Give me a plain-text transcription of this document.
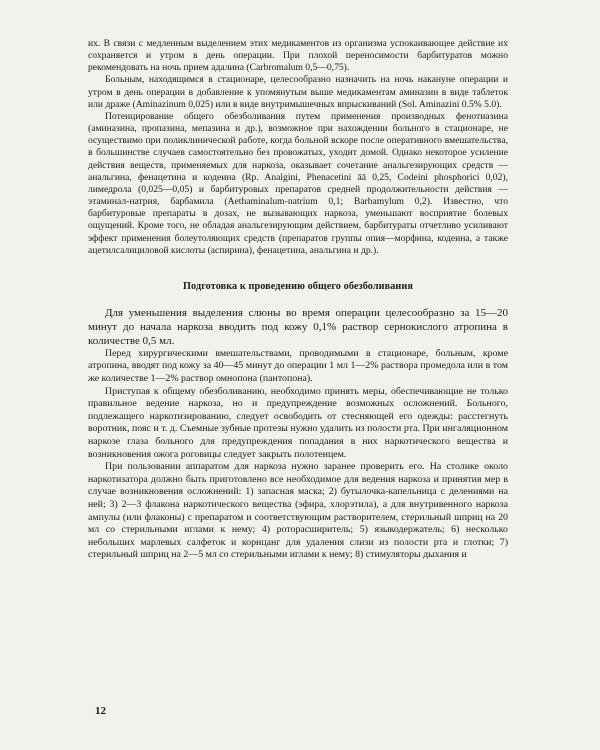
их. В связи с медленным выделением этих медикаментов из организма успокаивающее действие их сохраняется и утром в день операции. При плохой переносимости барбитуратов можно рекомендовать на ночь прием адалина (Carbromalum 0,5—0,75).

Больным, находящимся в стационаре, целесообразно назначить на ночь накануне операции и утром в день операции в добавление к упомянутым выше медикаментам аминазин в виде таблеток или драже (Aminazinum 0,025) или в виде внутримышечных впрыскиваний (Sol. Aminazini 0.5% 5.0).

Потенцирование общего обезболивания путем применения производных фенотиазина (аминазина, пропазина, мепазина и др.), возможное при нахождении больного в стационаре, не осуществимо при поликлинической работе, когда больной вскоре после оперативного вмешательства, в большинстве случаев самостоятельно без провожатых, уходит домой. Однако некоторое усиление действия веществ, применяемых для наркоза, оказывает сочетание анальгезирующих средств — анальгина, фенацетина и кодеина (Rp. Analgini, Phenacetini āā 0,25, Codeini phosphorici 0,02), лимедрола (0,025—0,05) и барбитуровых препаратов средней продолжительности действия — этаминал-натрия, барбамила (Aethaminalum-natrium 0,1; Barbamylum 0,2). Известно, что барбитуровые препараты в дозах, не вызывающих наркоза, уменьшают восприятие болевых ощущений. Кроме того, не обладая анальгезирующим действием, барбитураты отчетливо усиливают эффект применения болеутоляющих средств (препаратов группы опия—морфина, кодеина, а также ацетилсалициловой кислоты (аспирина), фенацетина, анальгина и др.).

Подготовка к проведению общего обезболивания

Для уменьшения выделения слюны во время операции целесообразно за 15—20 минут до начала наркоза вводить под кожу 0,1% раствор сернокислого атропина в количестве 0,5 мл.

Перед хирургическими вмешательствами, проводимыми в стационаре, больным, кроме атропина, вводят под кожу за 40—45 минут до операции 1 мл 1—2% раствора промедола или в том же количестве 1—2% раствор омнопона (пантопона).

Приступая к общему обезболиванию, необходимо принять меры, обеспечивающие не только правильное ведение наркоза, но и предупреждение возможных осложнений. Больного, подлежащего наркотизированию, следует освободить от стесняющей его одежды: расстегнуть воротник, пояс и т. д. Съемные зубные протезы нужно удалить из полости рта. При ингаляционном наркозе глаза больного для предупреждения попадания в них наркотического вещества и возникновения ожога роговицы следует закрыть полотенцем.

При пользовании аппаратом для наркоза нужно заранее проверить его. На столике около наркотизатора должно быть приготовлено все необходимое для ведения наркоза и принятия мер в случае возникновения осложнений: 1) запасная маска; 2) бутылочка-капельница с делениями на ней; 3) 2—3 флакона наркотического вещества (эфира, хлорэтила), а для внутривенного наркоза ампулы (или флаконы) с препаратом и соответствующим растворителем, стерильный шприц на 20 мл со стерильными иглами к нему; 4) роторасширитель; 5) языкодержатель; 6) несколько небольших марлевых салфеток и корнцанг для удаления слизи из полости рта и глотки; 7) стерильный шприц на 2—5 мл со стерильными иглами к нему; 8) стимуляторы дыхания и

12
